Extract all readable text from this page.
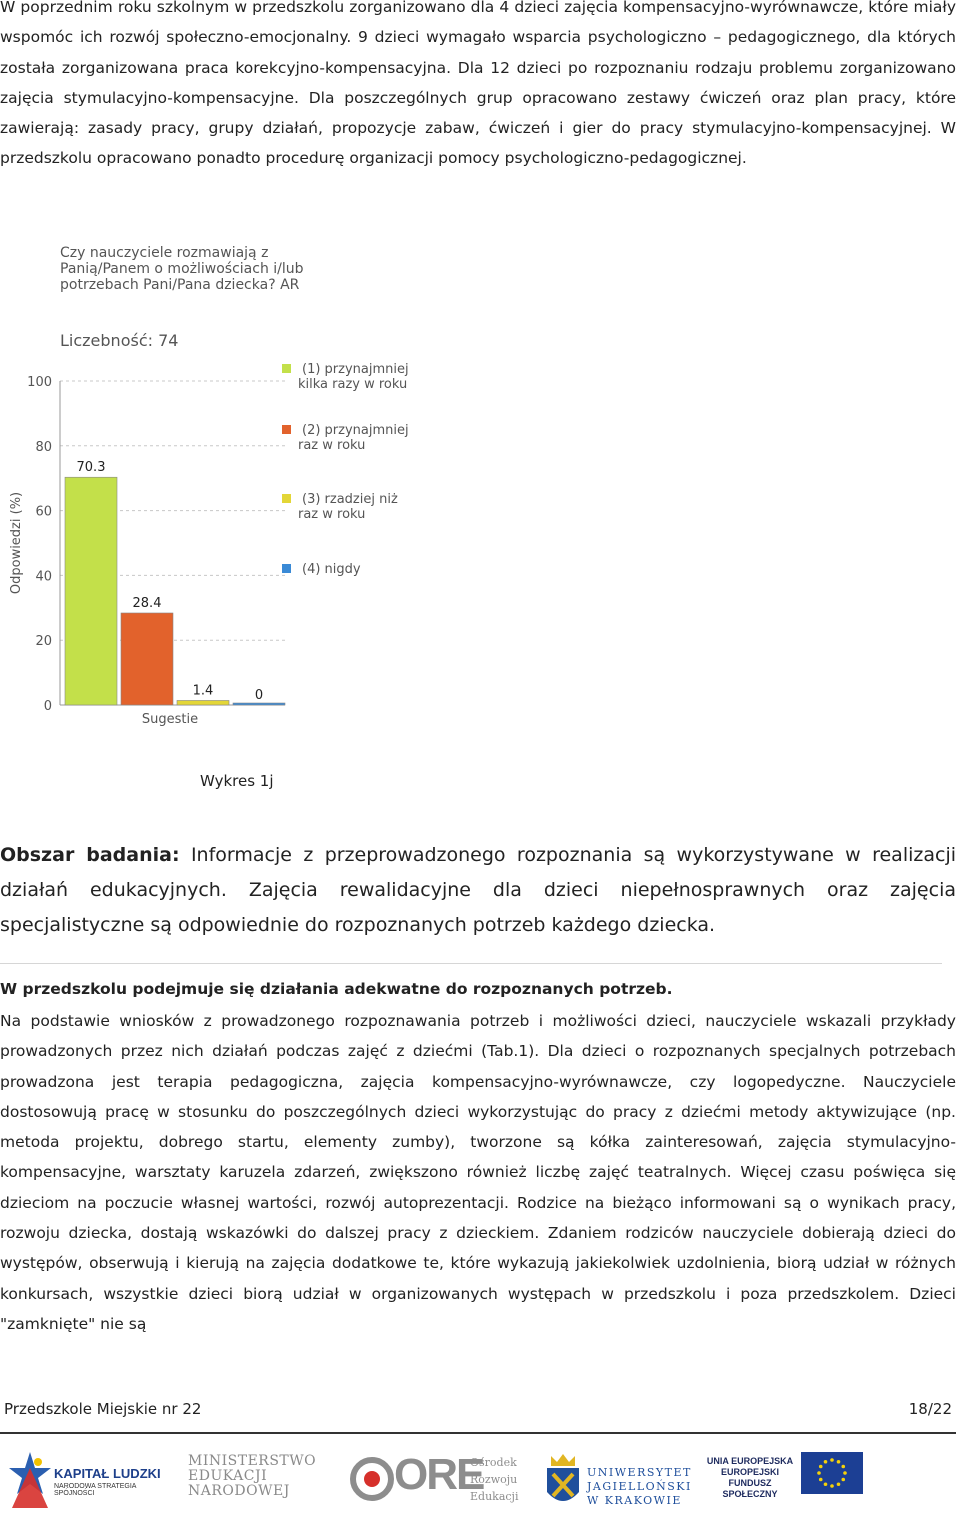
W poprzednim roku szkolnym w przedszkolu zorganizowano dla 4 dzieci zajęcia kompensacyjno-wyrównawcze, które miały wspomóc ich rozwój społeczno-emocjonalny. 9 dzieci wymagało wsparcia psychologiczno – pedagogicznego, dla których została zorganizowana praca korekcyjno-kompensacyjna. Dla 12 dzieci po rozpoznaniu rodzaju problemu zorganizowano zajęcia stymulacyjno-kompensacyjne. Dla poszczególnych grup opracowano zestawy ćwiczeń oraz plan pracy, które zawierają: zasady pracy, grupy działań, propozycje zabaw, ćwiczeń i gier do pracy stymulacyjno-kompensacyjnej. W przedszkolu opracowano ponadto procedurę organizacji pomocy psychologiczno-pedagogicznej.

Czy nauczyciele rozmawiają z
Panią/Panem o możliwościach i/lub
potrzebach Pani/Pana dziecka? AR
Liczebność: 74
0
20
40
60
80
100
Odpowiedzi (%)
Sugestie
70.3
28.4
1.4	0
(1) przynajmniej
kilka razy w roku
(2) przynajmniej
raz w roku
(3) rzadziej niż
raz w roku
(4) nigdy
Wykres 1j

Obszar badania: Informacje z przeprowadzonego rozpoznania są wykorzystywane w realizacji działań edukacyjnych. Zajęcia rewalidacyjne dla dzieci niepełnosprawnych oraz zajęcia specjalistyczne są odpowiednie do rozpoznanych potrzeb każdego dziecka.

W przedszkolu podejmuje się działania adekwatne do rozpoznanych potrzeb.

Na podstawie wniosków z prowadzonego rozpoznawania potrzeb i możliwości dzieci, nauczyciele wskazali przykłady prowadzonych przez nich działań podczas zajęć z dziećmi (Tab.1). Dla dzieci o rozpoznanych specjalnych potrzebach prowadzona jest terapia pedagogiczna, zajęcia kompensacyjno-wyrównawcze, czy logopedyczne. Nauczyciele dostosowują pracę w stosunku do poszczególnych dzieci wykorzystując do pracy z dziećmi metody aktywizujące (np. metoda projektu, dobrego startu, elementy zumby), tworzone są kółka zainteresowań, zajęcia stymulacyjno-kompensacyjne, warsztaty karuzela zdarzeń, zwiększono również liczbę zajęć teatralnych. Więcej czasu poświęca się dzieciom na poczucie własnej wartości, rozwój autoprezentacji. Rodzice na bieżąco informowani są o wynikach pracy, rozwoju dziecka, dostają wskazówki do dalszej pracy z dzieckiem. Zdaniem rodziców nauczyciele dobierają dzieci do występów, obserwują i kierują na zajęcia dodatkowe te, które wykazują jakiekolwiek uzdolnienia, biorą udział w różnych konkursach, wszystkie dzieci biorą udział w organizowanych występach w przedszkolu i poza przedszkolem. Dzieci "zamknięte" nie są

Przedszkole Miejskie nr 22	18/22
KAPITAŁ LUDZKI
NARODOWA STRATEGIA SPÓJNOŚCI
MINISTERSTWO
EDUKACJI
NARODOWEJ	ORE
Ośrodek
Rozwoju
Edukacji
UNIWERSYTET
JAGIELLOŃSKI
W KRAKOWIE
UNIA EUROPEJSKA
EUROPEJSKI
FUNDUSZ SPOŁECZNY
